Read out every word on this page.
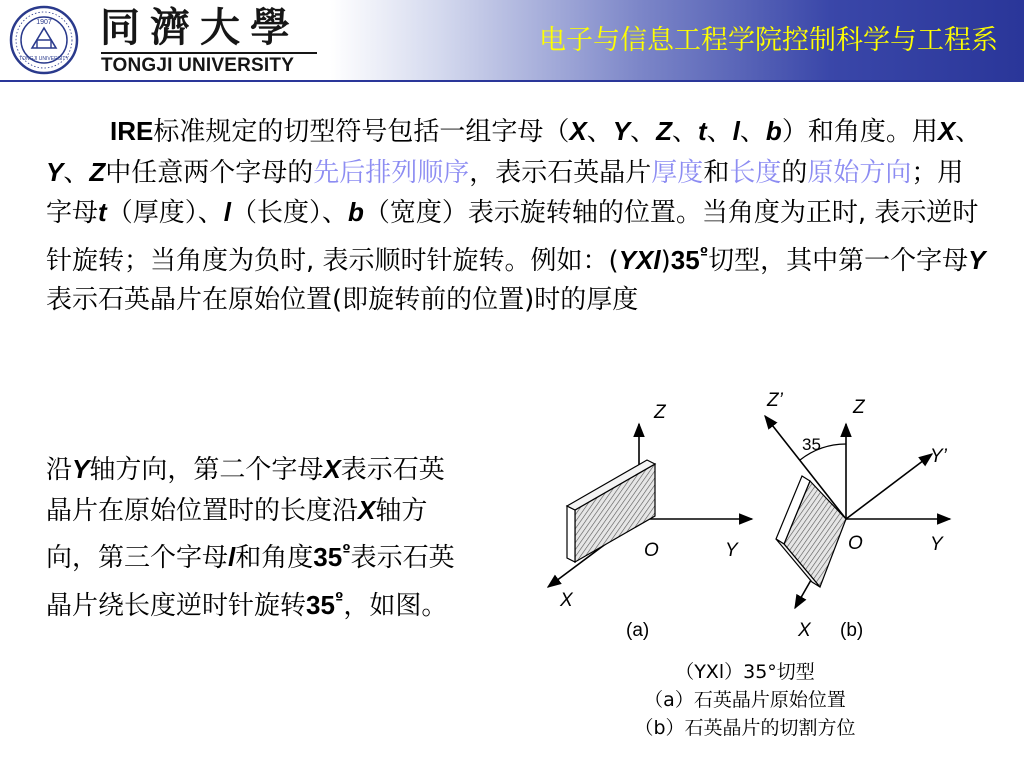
1907
TONGJI UNIVERSITY
同濟大學
TONGJI UNIVERSITY
电子与信息工程学院控制科学与工程系

IRE标准规定的切型符号包括一组字母（X、Y、Z、t、l、b）和角度。用X、Y、Z中任意两个字母的先后排列顺序，表示石英晶片厚度和长度的原始方向；用字母t（厚度）、l（长度）、b（宽度）表示旋转轴的位置。当角度为正时, 表示逆时针旋转；当角度为负时, 表示顺时针旋转。例如：$(YXl)35^º$切型，其中第一个字母Y表示石英晶片在原始位置(即旋转前的位置)时的厚度

沿Y轴方向，第二个字母X表示石英晶片在原始位置时的长度沿X轴方向，第三个字母l和角度$35^º$表示石英晶片绕长度逆时针旋转$35^º$，如图。

Z
O	Y
X
(a)
Z’	Z
35
Y’
O	Y
X (b)
（YXl）35°切型
（a）石英晶片原始位置
（b）石英晶片的切割方位
